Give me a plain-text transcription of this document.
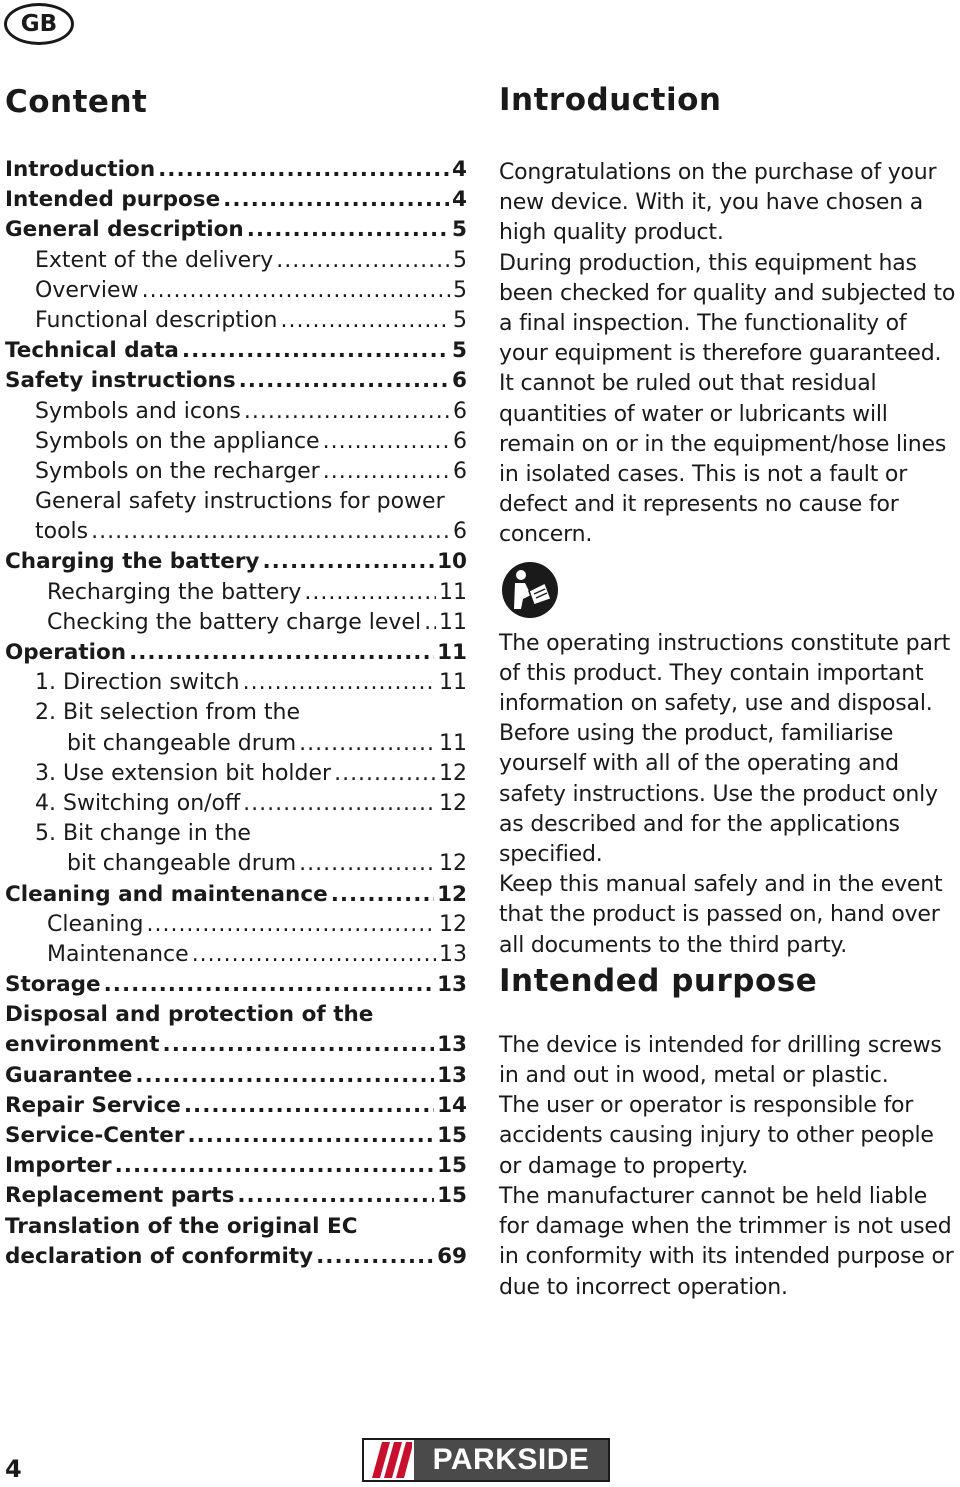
GB
Content
Introduction .....	4
Intended purpose .....	4
General description .....	5
Extent of the delivery .....	5
Overview .....	5
Functional description .....	5
Technical data .....	5
Safety instructions .....	6
Symbols and icons .....	6
Symbols on the appliance .....	6
Symbols on the recharger .....	6
General safety instructions for power
tools .....	6
Charging the battery .....	10
Recharging the battery .....	11
Checking the battery charge level ..... 11
Operation .....	11
1. Direction switch .....	11
2. Bit selection from the
bit changeable drum .....	11
3. Use extension bit holder .....	12
4. Switching on/off .....	12
5. Bit change in the
bit changeable drum .....	12
Cleaning and maintenance .....	12
Cleaning .....	12
Maintenance .....	13
Storage .....	13
Disposal and protection of the
environment .....	13
Guarantee .....	13
Repair Service .....	14
Service-Center .....	15
Importer .....	15
Replacement parts .....	15
Translation of the original EC
declaration of conformity .....	69
Introduction

Congratulations on the purchase of your new device. With it, you have chosen a high quality product.

During production, this equipment has been checked for quality and subjected to a final inspection. The functionality of your equipment is therefore guaranteed. It cannot be ruled out that residual quantities of water or lubricants will remain on or in the equipment/hose lines in isolated cases. This is not a fault or defect and it represents no cause for concern.

The operating instructions constitute part of this product. They contain important information on safety, use and disposal.

Before using the product, familiarise yourself with all of the operating and safety instructions. Use the product only as described and for the applications specified.

Keep this manual safely and in the event that the product is passed on, hand over all documents to the third party.

Intended purpose

The device is intended for drilling screws in and out in wood, metal or plastic.

The user or operator is responsible for accidents causing injury to other people or damage to property.

The manufacturer cannot be held liable for damage when the trimmer is not used in conformity with its intended purpose or due to incorrect operation.

4	PARKSIDE
